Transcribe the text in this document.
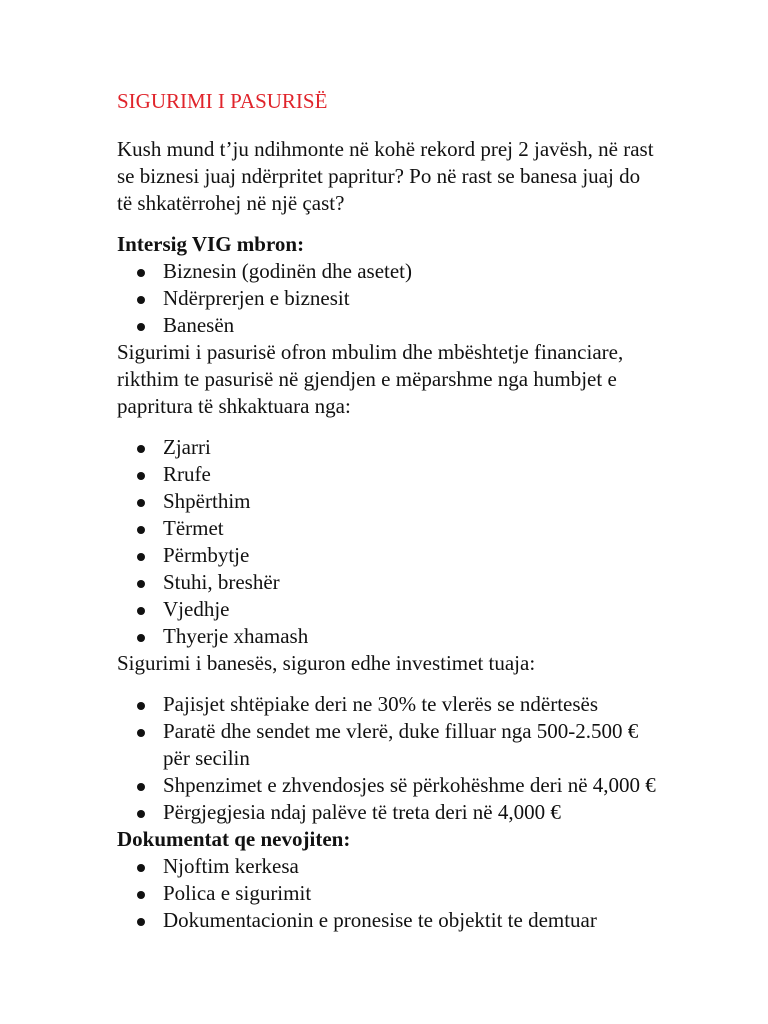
SIGURIMI I PASURISË

Kush mund t’ju ndihmonte në kohë rekord prej 2 javësh, në rast se biznesi juaj ndërpritet papritur? Po në rast se banesa juaj do të shkatërrohej në një çast?

Intersig VIG mbron:

Biznesin (godinën dhe asetet)
Ndërprerjen e biznesit
Banesën

Sigurimi i pasurisë ofron mbulim dhe mbështetje financiare, rikthim te pasurisë në gjendjen e mëparshme nga humbjet e papritura të shkaktuara nga:

Zjarri
Rrufe
Shpërthim
Tërmet
Përmbytje
Stuhi, breshër
Vjedhje
Thyerje xhamash

Sigurimi i banesës, siguron edhe investimet tuaja:

Pajisjet shtëpiake deri ne 30% te vlerës se ndërtesës
Paratë dhe sendet me vlerë, duke filluar nga 500-2.500 € për secilin
Shpenzimet e zhvendosjes së përkohëshme deri në 4,000 €
Përgjegjesia ndaj palëve të treta deri në 4,000 €

Dokumentat qe nevojiten:

Njoftim kerkesa
Polica e sigurimit
Dokumentacionin e pronesise te objektit te demtuar
